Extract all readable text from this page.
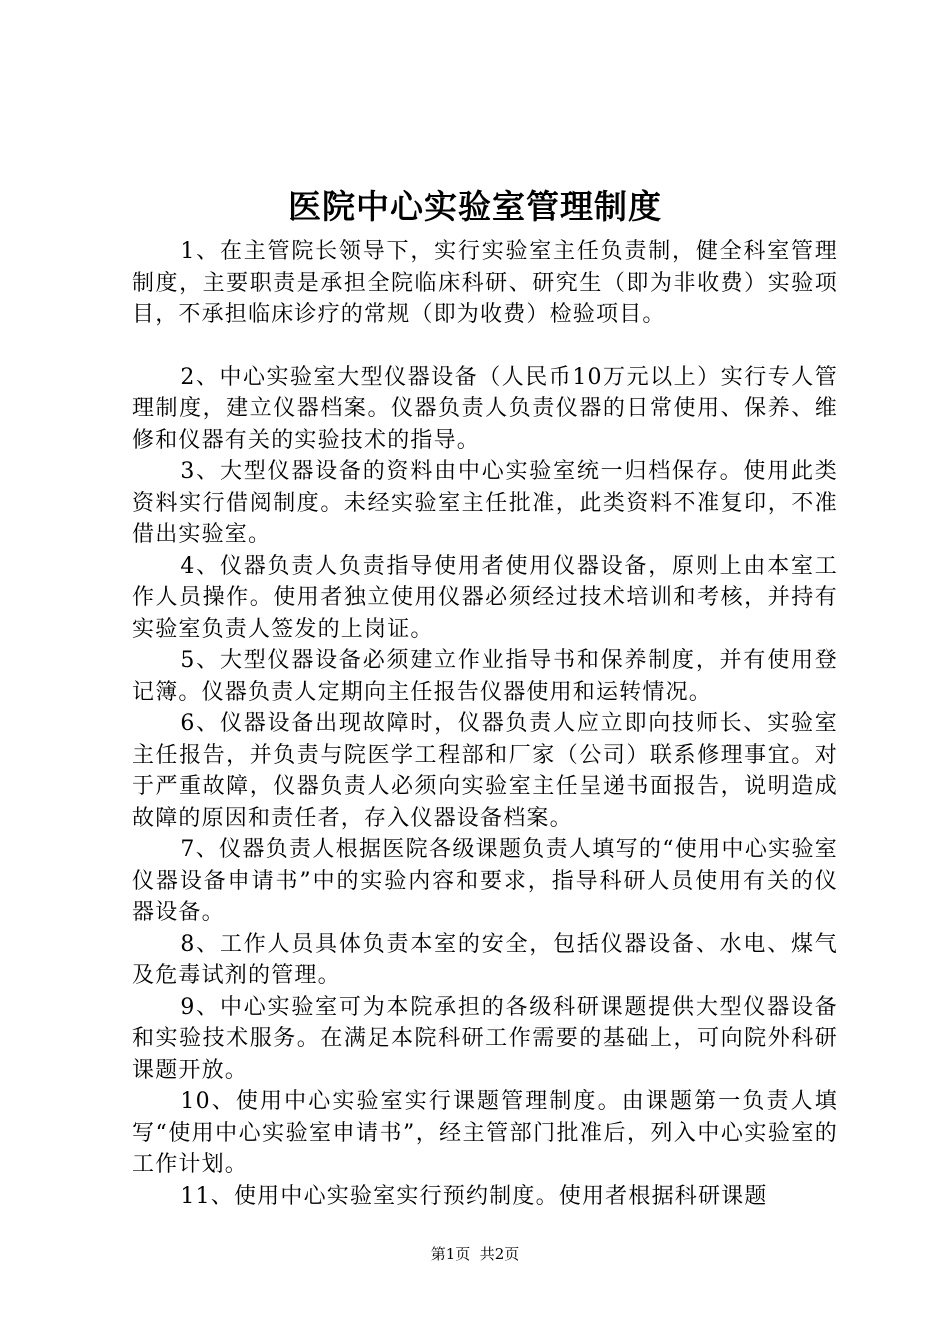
医院中心实验室管理制度

1、在主管院长领导下，实行实验室主任负责制，健全科室管理制度，主要职责是承担全院临床科研、研究生（即为非收费）实验项目，不承担临床诊疗的常规（即为收费）检验项目。

2、中心实验室大型仪器设备（人民币10万元以上）实行专人管理制度，建立仪器档案。仪器负责人负责仪器的日常使用、保养、维修和仪器有关的实验技术的指导。

3、大型仪器设备的资料由中心实验室统一归档保存。使用此类资料实行借阅制度。未经实验室主任批准，此类资料不准复印，不准借出实验室。

4、仪器负责人负责指导使用者使用仪器设备，原则上由本室工作人员操作。使用者独立使用仪器必须经过技术培训和考核，并持有实验室负责人签发的上岗证。

5、大型仪器设备必须建立作业指导书和保养制度，并有使用登记簿。仪器负责人定期向主任报告仪器使用和运转情况。

6、仪器设备出现故障时，仪器负责人应立即向技师长、实验室主任报告，并负责与院医学工程部和厂家（公司）联系修理事宜。对于严重故障，仪器负责人必须向实验室主任呈递书面报告，说明造成故障的原因和责任者，存入仪器设备档案。

7、仪器负责人根据医院各级课题负责人填写的“使用中心实验室仪器设备申请书”中的实验内容和要求，指导科研人员使用有关的仪器设备。

8、工作人员具体负责本室的安全，包括仪器设备、水电、煤气及危毒试剂的管理。

9、中心实验室可为本院承担的各级科研课题提供大型仪器设备和实验技术服务。在满足本院科研工作需要的基础上，可向院外科研课题开放。

10、使用中心实验室实行课题管理制度。由课题第一负责人填写“使用中心实验室申请书”，经主管部门批准后，列入中心实验室的工作计划。

11、使用中心实验室实行预约制度。使用者根据科研课题

第1页  共2页
